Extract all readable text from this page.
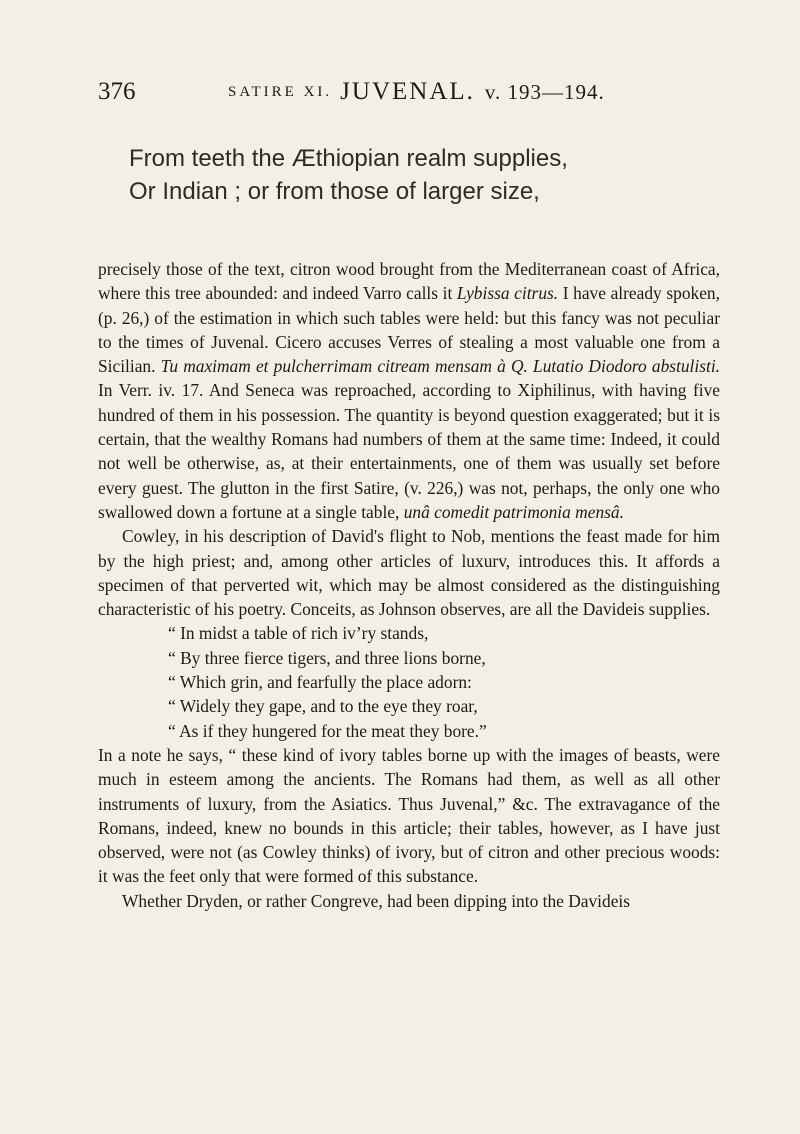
376	SATIRE XI. JUVENAL. v. 193—194.
From teeth the Æthiopian realm supplies,
Or Indian ; or from those of larger size,

precisely those of the text, citron wood brought from the Mediterranean coast of Africa, where this tree abounded: and indeed Varro calls it Lybissa citrus. I have already spoken, (p. 26,) of the estimation in which such tables were held: but this fancy was not peculiar to the times of Juvenal. Cicero accuses Verres of stealing a most valuable one from a Sicilian. Tu maximam et pulcherrimam citream mensam à Q. Lutatio Diodoro abstulisti. In Verr. iv. 17. And Seneca was reproached, according to Xiphilinus, with having five hundred of them in his possession. The quantity is beyond question exaggerated; but it is certain, that the wealthy Romans had numbers of them at the same time: Indeed, it could not well be otherwise, as, at their entertainments, one of them was usually set before every guest. The glutton in the first Satire, (v. 226,) was not, perhaps, the only one who swallowed down a fortune at a single table, unâ comedit patrimonia mensâ.

Cowley, in his description of David's flight to Nob, mentions the feast made for him by the high priest; and, among other articles of luxurv, introduces this. It affords a specimen of that perverted wit, which may be almost considered as the distinguishing characteristic of his poetry. Conceits, as Johnson observes, are all the Davideis supplies.

“ In midst a table of rich iv’ry stands,
“ By three fierce tigers, and three lions borne,
“ Which grin, and fearfully the place adorn:
“ Widely they gape, and to the eye they roar,
“ As if they hungered for the meat they bore.”

In a note he says, “ these kind of ivory tables borne up with the images of beasts, were much in esteem among the ancients. The Romans had them, as well as all other instruments of luxury, from the Asiatics. Thus Juvenal,” &c. The extravagance of the Romans, indeed, knew no bounds in this article; their tables, however, as I have just observed, were not (as Cowley thinks) of ivory, but of citron and other precious woods: it was the feet only that were formed of this substance.

Whether Dryden, or rather Congreve, had been dipping into the Davideis
